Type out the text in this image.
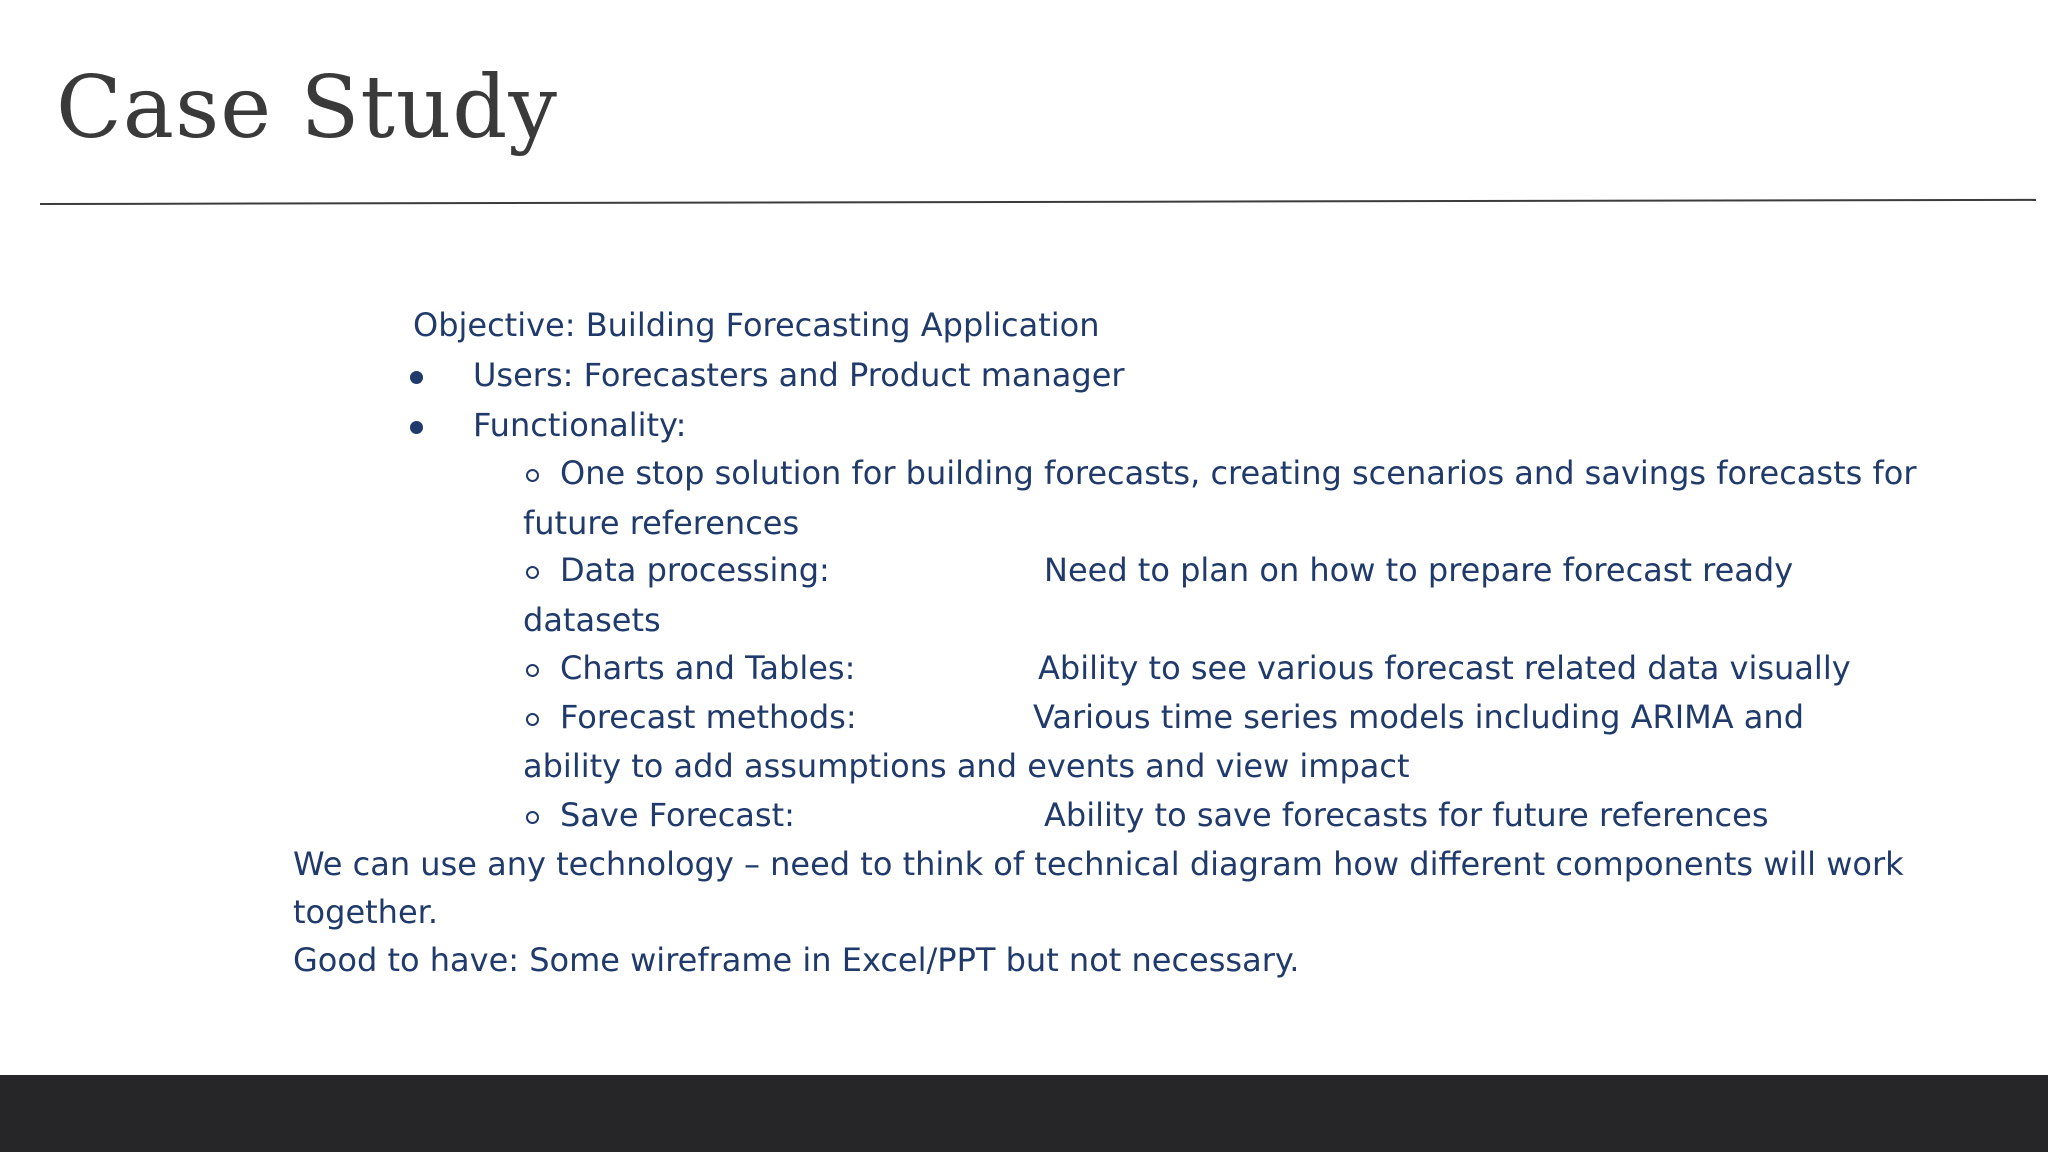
Case Study

Objective: Building Forecasting Application

Users: Forecasters and Product manager

Functionality:

One stop solution for building forecasts, creating scenarios and savings forecasts for

future references

Data processing:	Need to plan on how to prepare forecast ready

datasets

Charts and Tables:	Ability to see various forecast related data visually

Forecast methods:	Various time series models including ARIMA and

ability to add assumptions and events and view impact

Save Forecast:	Ability to save forecasts for future references

We can use any technology – need to think of technical diagram how different components will work

together.

Good to have: Some wireframe in Excel/PPT but not necessary.
